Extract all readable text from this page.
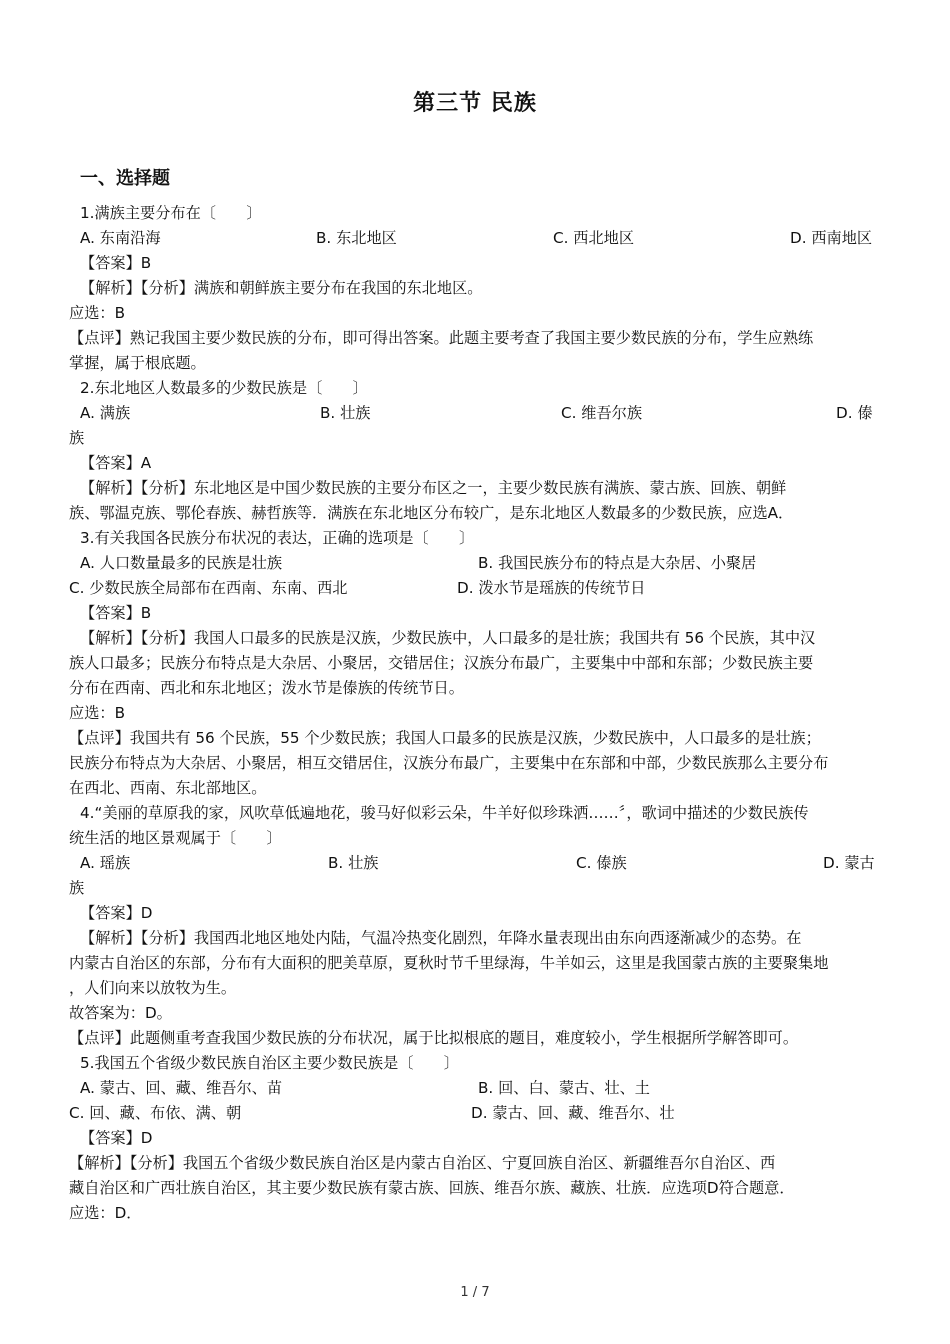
第三节 民族
一、选择题
1.满族主要分布在〔　　〕
A. 东南沿海	B. 东北地区	C. 西北地区	D. 西南地区
【答案】B
【解析】【分析】满族和朝鲜族主要分布在我国的东北地区。
应选：B
【点评】熟记我国主要少数民族的分布，即可得出答案。此题主要考查了我国主要少数民族的分布，学生应熟练
掌握，属于根底题。
2.东北地区人数最多的少数民族是〔　　〕
A. 满族	B. 壮族	C. 维吾尔族	D. 傣
族
【答案】A
【解析】【分析】东北地区是中国少数民族的主要分布区之一，主要少数民族有满族、蒙古族、回族、朝鲜
族、鄂温克族、鄂伦春族、赫哲族等．满族在东北地区分布较广，是东北地区人数最多的少数民族，应选A．
3.有关我国各民族分布状况的表达，正确的选项是〔　　〕
A. 人口数量最多的民族是壮族	B. 我国民族分布的特点是大杂居、小聚居
C. 少数民族全局部布在西南、东南、西北	D. 泼水节是瑶族的传统节日
【答案】B
【解析】【分析】我国人口最多的民族是汉族，少数民族中，人口最多的是壮族；我国共有 56 个民族，其中汉
族人口最多；民族分布特点是大杂居、小聚居，交错居住；汉族分布最广，主要集中中部和东部；少数民族主要
分布在西南、西北和东北地区；泼水节是傣族的传统节日。
应选：B
【点评】我国共有 56 个民族，55 个少数民族；我国人口最多的民族是汉族，少数民族中，人口最多的是壮族；
民族分布特点为大杂居、小聚居，相互交错居住，汉族分布最广，主要集中在东部和中部，少数民族那么主要分布
在西北、西南、东北部地区。
4.“美丽的草原我的家，风吹草低遍地花，骏马好似彩云朵，牛羊好似珍珠洒……〞，歌词中描述的少数民族传
统生活的地区景观属于〔　　〕
A. 瑶族	B. 壮族	C. 傣族	D. 蒙古
族
【答案】D
【解析】【分析】我国西北地区地处内陆，气温冷热变化剧烈，年降水量表现出由东向西逐渐减少的态势。在
内蒙古自治区的东部，分布有大面积的肥美草原，夏秋时节千里绿海，牛羊如云，这里是我国蒙古族的主要聚集地
，人们向来以放牧为生。
故答案为：D。
【点评】此题侧重考查我国少数民族的分布状况，属于比拟根底的题目，难度较小，学生根据所学解答即可。
5.我国五个省级少数民族自治区主要少数民族是〔　　〕
A. 蒙古、回、藏、维吾尔、苗	B. 回、白、蒙古、壮、土
C. 回、藏、布依、满、朝	D. 蒙古、回、藏、维吾尔、壮
【答案】D
【解析】【分析】我国五个省级少数民族自治区是内蒙古自治区、宁夏回族自治区、新疆维吾尔自治区、西
藏自治区和广西壮族自治区，其主要少数民族有蒙古族、回族、维吾尔族、藏族、壮族．应选项D符合题意．
应选：D．
1 / 7
